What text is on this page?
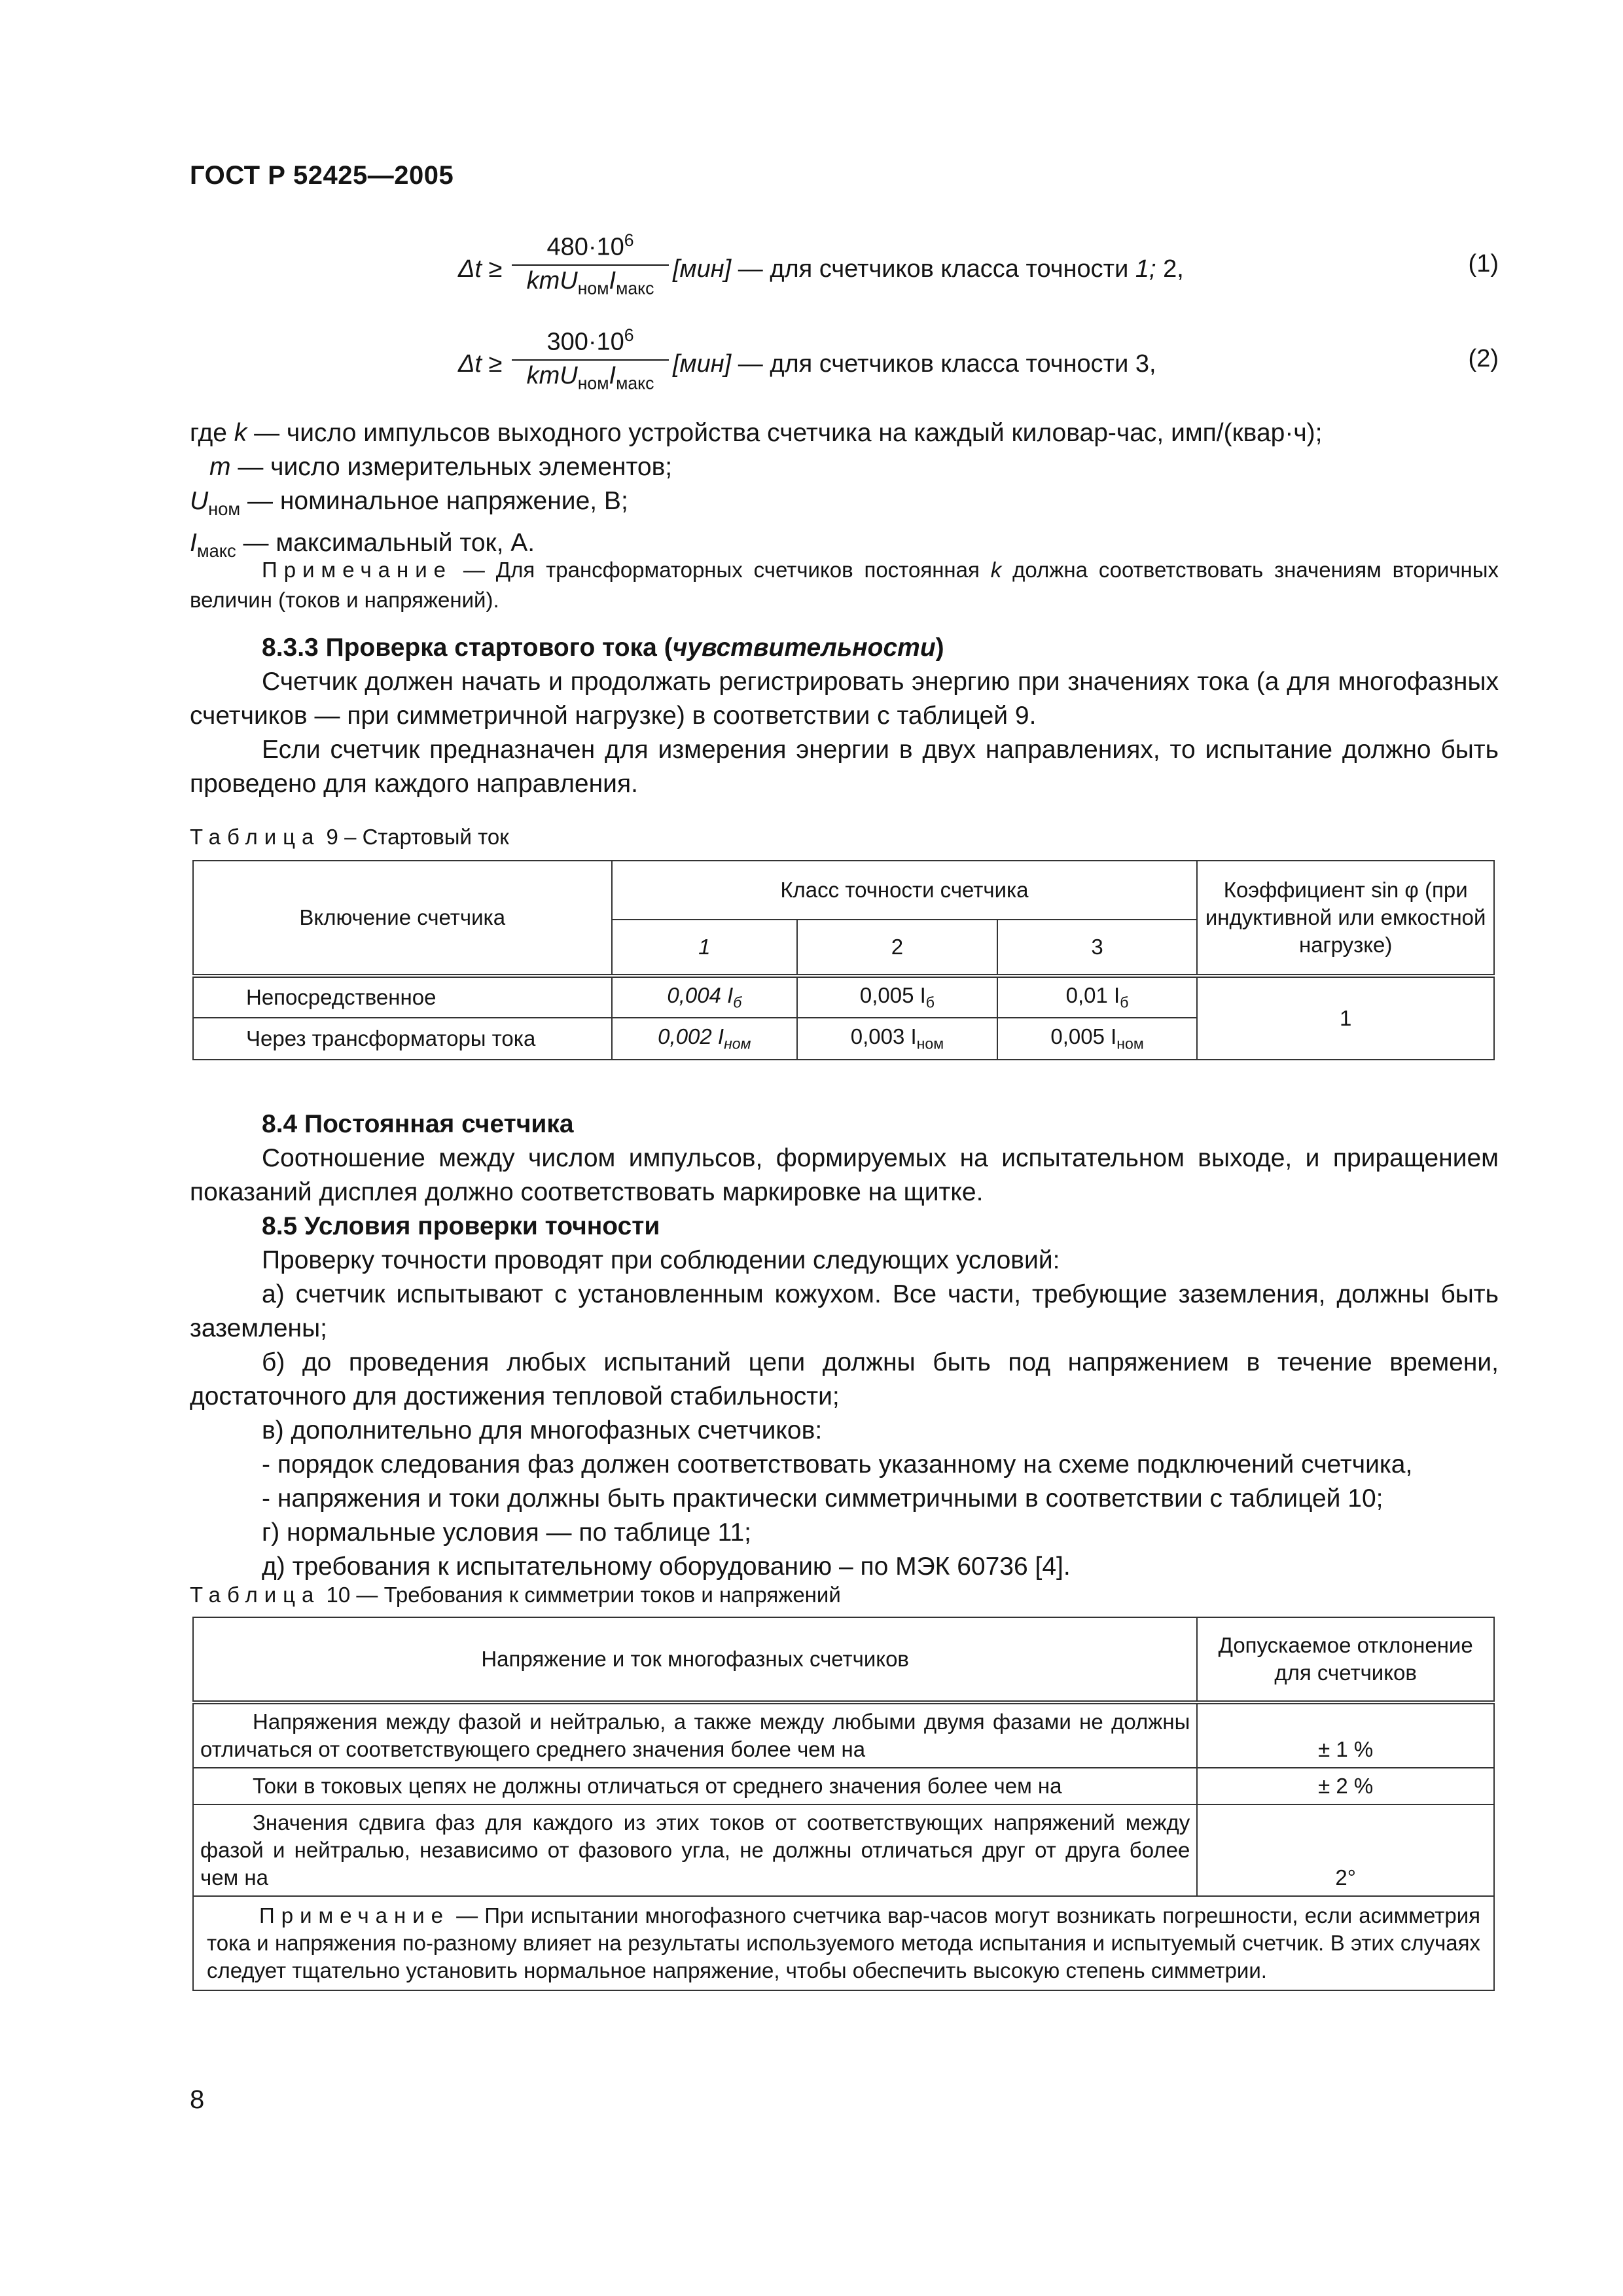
ГОСТ Р 52425—2005
Δt ≥
$480\cdot 10^6$
$kmU_{ном}I_{макс}$
[мин] — для счетчиков класса точности 1; 2,	(1)
Δt ≥
$300\cdot 10^6$
$kmU_{ном}I_{макс}$
[мин] — для счетчиков класса точности 3,	(2)
где k — число импульсов выходного устройства счетчика на каждый киловар-час, имп/(квар·ч);
m — число измерительных элементов;
$U_{ном}$ — номинальное напряжение, В;
$I_{макс}$ — максимальный ток, А.

Примечание — Для трансформаторных счетчиков постоянная k должна соответствовать значениям вторичных величин (токов и напряжений).

8.3.3 Проверка стартового тока (чувствительности)

Счетчик должен начать и продолжать регистрировать энергию при значениях тока (а для многофазных счетчиков — при симметричной нагрузке) в соответствии с таблицей 9.

Если счетчик предназначен для измерения энергии в двух направлениях, то испытание должно быть проведено для каждого направления.

Таблица 9 – Стартовый ток
Включение счетчика	Класс точности счетчика			Коэффициент sin φ (при индуктивной или емкостной нагрузке)
	1	2	3	
Непосредственное	0,004 $I_б$	0,005 $I_б$	0,01 $I_б$	1
Через трансформаторы тока	0,002 $I_{ном}$	0,003 $I_{ном}$	0,005 $I_{ном}$

8.4 Постоянная счетчика

Соотношение между числом импульсов, формируемых на испытательном выходе, и приращением показаний дисплея должно соответствовать маркировке на щитке.

8.5 Условия проверки точности

Проверку точности проводят при соблюдении следующих условий:

а) счетчик испытывают с установленным кожухом. Все части, требующие заземления, должны быть заземлены;

б) до проведения любых испытаний цепи должны быть под напряжением в течение времени, достаточного для достижения тепловой стабильности;

в) дополнительно для многофазных счетчиков:

- порядок следования фаз должен соответствовать указанному на схеме подключений счетчика,

- напряжения и токи должны быть практически симметричными в соответствии с таблицей 10;

г) нормальные условия — по таблице 11;

д) требования к испытательному оборудованию – по МЭК 60736 [4].

Таблица 10 — Требования к симметрии токов и напряжений
Напряжение и ток многофазных счетчиков	Допускаемое отклонение для счетчиков
Напряжения между фазой и нейтралью, а также между любыми двумя фазами не должны отличаться от соответствующего среднего значения более чем на	± 1 %
Токи в токовых цепях не должны отличаться от среднего значения более чем на	± 2 %
Значения сдвига фаз для каждого из этих токов от соответствующих напряжений между фазой и нейтралью, независимо от фазового угла, не должны отличаться друг от друга более чем на	2°
Примечание — При испытании многофазного счетчика вар-часов могут возникать погрешности, если асимметрия тока и напряжения по-разному влияет на результаты используемого метода испытания и испытуемый счетчик. В этих случаях следует тщательно установить нормальное напряжение, чтобы обеспечить высокую степень симметрии.	
8
